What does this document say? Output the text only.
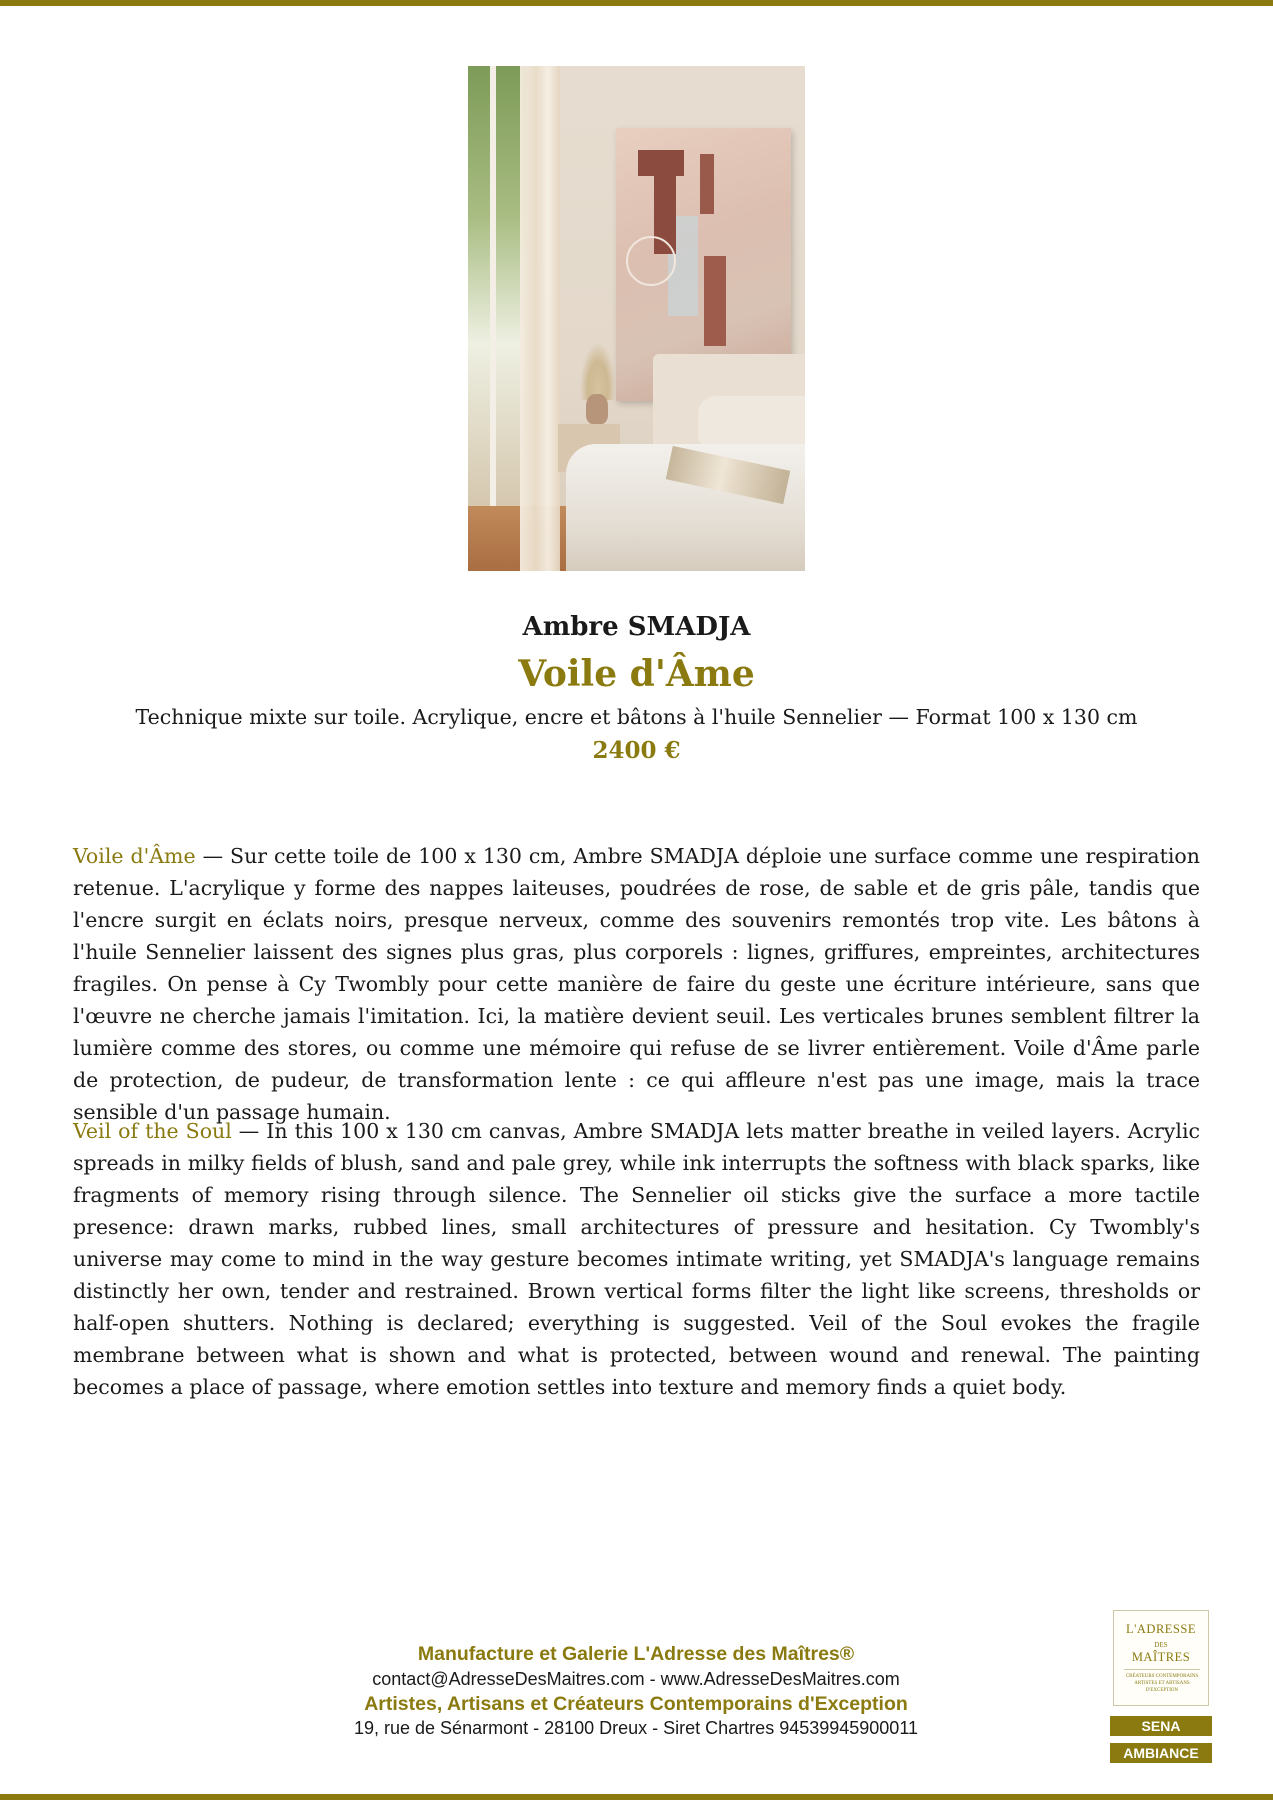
Ambre SMADJA
Voile d'Âme
Technique mixte sur toile. Acrylique, encre et bâtons à l'huile Sennelier — Format 100 x 130 cm
2400 €

Voile d'Âme — Sur cette toile de 100 x 130 cm, Ambre SMADJA déploie une surface comme une respiration retenue. L'acrylique y forme des nappes laiteuses, poudrées de rose, de sable et de gris pâle, tandis que l'encre surgit en éclats noirs, presque nerveux, comme des souvenirs remontés trop vite. Les bâtons à l'huile Sennelier laissent des signes plus gras, plus corporels : lignes, griffures, empreintes, architectures fragiles. On pense à Cy Twombly pour cette manière de faire du geste une écriture intérieure, sans que l'œuvre ne cherche jamais l'imitation. Ici, la matière devient seuil. Les verticales brunes semblent filtrer la lumière comme des stores, ou comme une mémoire qui refuse de se livrer entièrement. Voile d'Âme parle de protection, de pudeur, de transformation lente : ce qui affleure n'est pas une image, mais la trace sensible d'un passage humain.

Veil of the Soul — In this 100 x 130 cm canvas, Ambre SMADJA lets matter breathe in veiled layers. Acrylic spreads in milky fields of blush, sand and pale grey, while ink interrupts the softness with black sparks, like fragments of memory rising through silence. The Sennelier oil sticks give the surface a more tactile presence: drawn marks, rubbed lines, small architectures of pressure and hesitation. Cy Twombly's universe may come to mind in the way gesture becomes intimate writing, yet SMADJA's language remains distinctly her own, tender and restrained. Brown vertical forms filter the light like screens, thresholds or half-open shutters. Nothing is declared; everything is suggested. Veil of the Soul evokes the fragile membrane between what is shown and what is protected, between wound and renewal. The painting becomes a place of passage, where emotion settles into texture and memory finds a quiet body.

Manufacture et Galerie L'Adresse des Maîtres®
contact@AdresseDesMaitres.com - www.AdresseDesMaitres.com
Artistes, Artisans et Créateurs Contemporains d'Exception
19, rue de Sénarmont - 28100 Dreux - Siret Chartres 94539945900011
L'ADRESSE
DES
MAÎTRES
CRÉATEURS CONTEMPORAINS ARTISTES ET ARTISANS D'EXCEPTION
SENA
AMBIANCE
